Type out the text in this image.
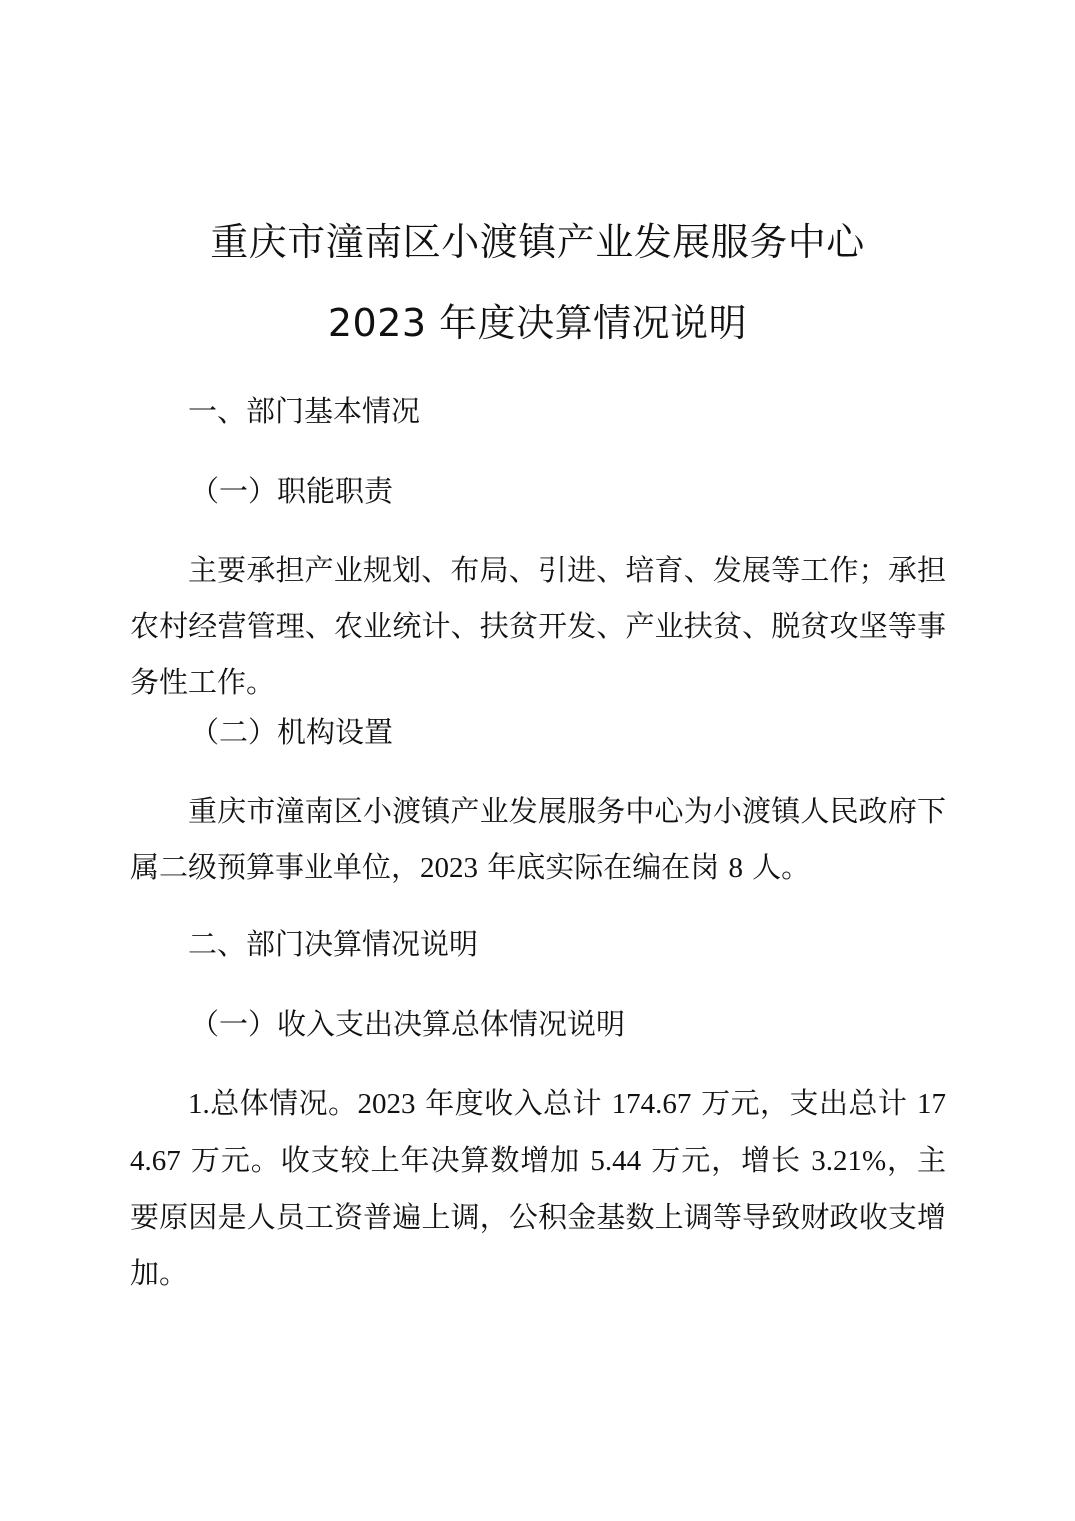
重庆市潼南区小渡镇产业发展服务中心
2023 年度决算情况说明
一、部门基本情况
（一）职能职责
主要承担产业规划、布局、引进、培育、发展等工作；承担农村经营管理、农业统计、扶贫开发、产业扶贫、脱贫攻坚等事务性工作。
（二）机构设置
重庆市潼南区小渡镇产业发展服务中心为小渡镇人民政府下属二级预算事业单位，2023 年底实际在编在岗 8 人。
二、部门决算情况说明
（一）收入支出决算总体情况说明
1.总体情况。2023 年度收入总计 174.67 万元，支出总计 174.67 万元。收支较上年决算数增加 5.44 万元，增长 3.21%，主要原因是人员工资普遍上调，公积金基数上调等导致财政收支增加。
